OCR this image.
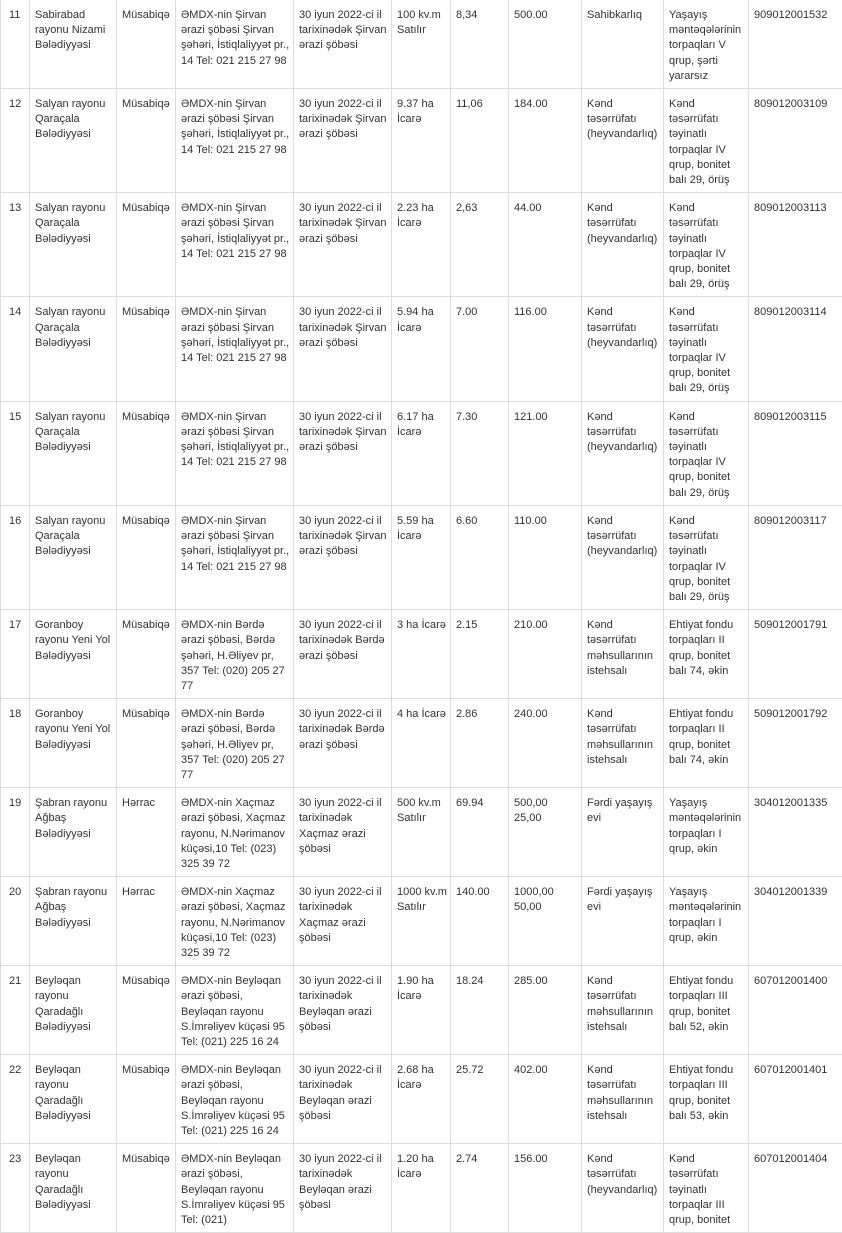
11	Sabirabad rayonu Nizami Bələdiyyəsi	Müsabiqə	ƏMDX-nin Şirvan ərazi şöbəsi Şirvan şəhəri, İstiqlaliyyət pr., 14 Tel: 021 215 27 98	30 iyun 2022-ci il tarixinədək Şirvan ərazi şöbəsi	100 kv.m Satılır	8,34	500.00	Sahibkarlıq	Yaşayış məntəqələrinin torpaqları V qrup, şərti yararsız	909012001532
12	Salyan rayonu Qaraçala Bələdiyyəsi	Müsabiqə	ƏMDX-nin Şirvan ərazi şöbəsi Şirvan şəhəri, İstiqlaliyyət pr., 14 Tel: 021 215 27 98	30 iyun 2022-ci il tarixinədək Şirvan ərazi şöbəsi	9.37 ha İcarə	11,06	184.00	Kənd təsərrüfatı (heyvandarlıq)	Kənd təsərrüfatı təyinatlı torpaqlar IV qrup, bonitet balı 29, örüş	809012003109
13	Salyan rayonu Qaraçala Bələdiyyəsi	Müsabiqə	ƏMDX-nin Şirvan ərazi şöbəsi Şirvan şəhəri, İstiqlaliyyət pr., 14 Tel: 021 215 27 98	30 iyun 2022-ci il tarixinədək Şirvan ərazi şöbəsi	2.23 ha İcarə	2,63	44.00	Kənd təsərrüfatı (heyvandarlıq)	Kənd təsərrüfatı təyinatlı torpaqlar IV qrup, bonitet balı 29, örüş	809012003113
14	Salyan rayonu Qaraçala Bələdiyyəsi	Müsabiqə	ƏMDX-nin Şirvan ərazi şöbəsi Şirvan şəhəri, İstiqlaliyyət pr., 14 Tel: 021 215 27 98	30 iyun 2022-ci il tarixinədək Şirvan ərazi şöbəsi	5.94 ha İcarə	7.00	116.00	Kənd təsərrüfatı (heyvandarlıq)	Kənd təsərrüfatı təyinatlı torpaqlar IV qrup, bonitet balı 29, örüş	809012003114
15	Salyan rayonu Qaraçala Bələdiyyəsi	Müsabiqə	ƏMDX-nin Şirvan ərazi şöbəsi Şirvan şəhəri, İstiqlaliyyət pr., 14 Tel: 021 215 27 98	30 iyun 2022-ci il tarixinədək Şirvan ərazi şöbəsi	6.17 ha İcarə	7.30	121.00	Kənd təsərrüfatı (heyvandarlıq)	Kənd təsərrüfatı təyinatlı torpaqlar IV qrup, bonitet balı 29, örüş	809012003115
16	Salyan rayonu Qaraçala Bələdiyyəsi	Müsabiqə	ƏMDX-nin Şirvan ərazi şöbəsi Şirvan şəhəri, İstiqlaliyyət pr., 14 Tel: 021 215 27 98	30 iyun 2022-ci il tarixinədək Şirvan ərazi şöbəsi	5.59 ha İcarə	6.60	110.00	Kənd təsərrüfatı (heyvandarlıq)	Kənd təsərrüfatı təyinatlı torpaqlar IV qrup, bonitet balı 29, örüş	809012003117
17	Goranboy rayonu Yeni Yol Bələdiyyəsi	Müsabiqə	ƏMDX-nin Bərdə ərazi şöbəsi, Bərdə şəhəri, H.Əliyev pr, 357 Tel: (020) 205 27 77	30 iyun 2022-ci il tarixinədək Bərdə ərazi şöbəsi	3 ha İcarə	2.15	210.00	Kənd təsərrüfatı məhsullarının istehsalı	Ehtiyat fondu torpaqları II qrup, bonitet balı 74, əkin	509012001791
18	Goranboy rayonu Yeni Yol Bələdiyyəsi	Müsabiqə	ƏMDX-nin Bərdə ərazi şöbəsi, Bərdə şəhəri, H.Əliyev pr, 357 Tel: (020) 205 27 77	30 iyun 2022-ci il tarixinədək Bərdə ərazi şöbəsi	4 ha İcarə	2.86	240.00	Kənd təsərrüfatı məhsullarının istehsalı	Ehtiyat fondu torpaqları II qrup, bonitet balı 74, əkin	509012001792
19	Şabran rayonu Ağbaş Bələdiyyəsi	Hərrac	ƏMDX-nin Xaçmaz ərazi şöbəsi, Xaçmaz rayonu, N.Nərimanov küçəsi,10 Tel: (023) 325 39 72	30 iyun 2022-ci il tarixinədək Xaçmaz ərazi şöbəsi	500 kv.m Satılır	69.94	500,00 25,00	Fərdi yaşayış evi	Yaşayış məntəqələrinin torpaqları I qrup, əkin	304012001335
20	Şabran rayonu Ağbaş Bələdiyyəsi	Hərrac	ƏMDX-nin Xaçmaz ərazi şöbəsi, Xaçmaz rayonu, N.Nərimanov küçəsi,10 Tel: (023) 325 39 72	30 iyun 2022-ci il tarixinədək Xaçmaz ərazi şöbəsi	1000 kv.m Satılır	140.00	1000,00 50,00	Fərdi yaşayış evi	Yaşayış məntəqələrinin torpaqları I qrup, əkin	304012001339
21	Beyləqan rayonu Qaradağlı Bələdiyyəsi	Müsabiqə	ƏMDX-nin Beyləqan ərazi şöbəsi, Beyləqan rayonu S.İmrəliyev küçəsi 95 Tel: (021) 225 16 24	30 iyun 2022-ci il tarixinədək Beyləqan ərazi şöbəsi	1.90 ha İcarə	18.24	285.00	Kənd təsərrüfatı məhsullarının istehsalı	Ehtiyat fondu torpaqları III qrup, bonitet balı 52, əkin	607012001400
22	Beyləqan rayonu Qaradağlı Bələdiyyəsi	Müsabiqə	ƏMDX-nin Beyləqan ərazi şöbəsi, Beyləqan rayonu S.İmrəliyev küçəsi 95 Tel: (021) 225 16 24	30 iyun 2022-ci il tarixinədək Beyləqan ərazi şöbəsi	2.68 ha İcarə	25.72	402.00	Kənd təsərrüfatı məhsullarının istehsalı	Ehtiyat fondu torpaqları III qrup, bonitet balı 53, əkin	607012001401
23	Beyləqan rayonu Qaradağlı Bələdiyyəsi	Müsabiqə	ƏMDX-nin Beyləqan ərazi şöbəsi, Beyləqan rayonu S.İmrəliyev küçəsi 95 Tel: (021)	30 iyun 2022-ci il tarixinədək Beyləqan ərazi şöbəsi	1.20 ha İcarə	2.74	156.00	Kənd təsərrüfatı (heyvandarlıq)	Kənd təsərrüfatı təyinatlı torpaqlar III qrup, bonitet	607012001404
